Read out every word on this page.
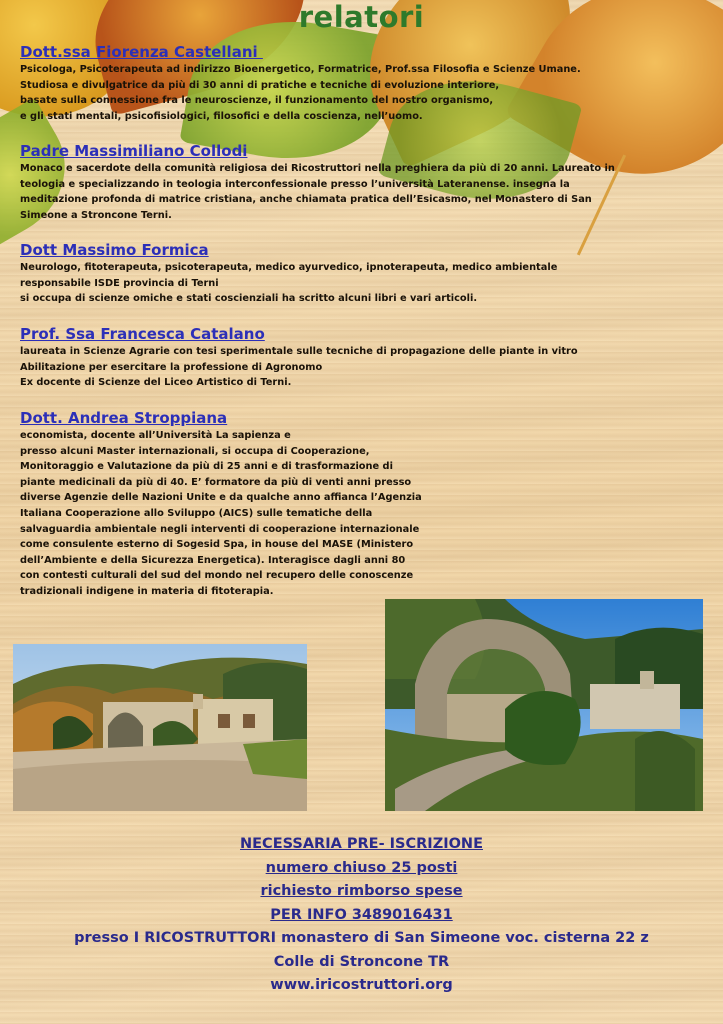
relatori
Dott.ssa Fiorenza Castellani
Psicologa, Psicoterapeuta ad indirizzo Bioenergetico, Formatrice, Prof.ssa Filosofia e Scienze Umane.
Studiosa e divulgatrice da più di 30 anni di pratiche e tecniche di evoluzione interiore,
basate sulla connessione fra le neuroscienze, il funzionamento del nostro organismo,
e gli stati mentali, psicofisiologici, filosofici e della coscienza, nell’uomo.
Padre Massimiliano Collodi
Monaco e sacerdote della comunità religiosa dei Ricostruttori nella preghiera da più di 20 anni. Laureato in
teologia e specializzando in teologia interconfessionale presso l’università Lateranense. insegna la
meditazione profonda di matrice cristiana, anche chiamata pratica dell’Esicasmo, nel Monastero di San
Simeone a Stroncone Terni.
Dott Massimo Formica
Neurologo, fitoterapeuta, psicoterapeuta, medico ayurvedico, ipnoterapeuta, medico ambientale
responsabile ISDE provincia di Terni
si occupa di scienze omiche e stati coscienziali ha scritto alcuni libri e vari articoli.
Prof. Ssa Francesca Catalano
laureata in Scienze Agrarie con tesi sperimentale sulle tecniche di propagazione delle piante in vitro
Abilitazione per esercitare la professione di Agronomo
Ex docente di Scienze del Liceo Artistico di Terni.
Dott. Andrea Stroppiana
economista, docente all’Università La sapienza e
presso alcuni Master internazionali, si occupa di Cooperazione,
Monitoraggio e Valutazione da più di 25 anni e di trasformazione di
piante medicinali da più di 40. E’ formatore da più di venti anni presso
diverse Agenzie delle Nazioni Unite e da qualche anno affianca l’Agenzia
Italiana Cooperazione allo Sviluppo (AICS) sulle tematiche della
salvaguardia ambientale negli interventi di cooperazione internazionale
come consulente esterno di Sogesid Spa, in house del MASE (Ministero
dell’Ambiente e della Sicurezza Energetica). Interagisce dagli anni 80
con contesti culturali del sud del mondo nel recupero delle conoscenze
tradizionali indigene in materia di fitoterapia.
NECESSARIA PRE- ISCRIZIONE
numero chiuso 25 posti
richiesto rimborso spese
PER INFO 3489016431
presso I RICOSTRUTTORI monastero di San Simeone voc. cisterna 22 z
Colle di Stroncone TR
www.iricostruttori.org
